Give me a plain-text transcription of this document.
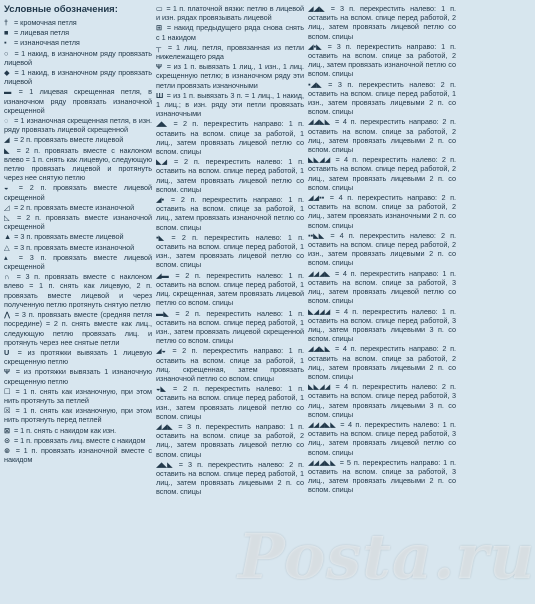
Условные обозначения:

† = кромочная петля

■ = лицевая петля

▪ = изнаночная петля

○ = 1 накид, в изнаночном ряду провязать лицевой

◆ = 1 накид, в изнаночном ряду провязать лицевой

▬ = 1 лицевая скрещенная петля, в изнаночном ряду провязать изнаночной скрещенной

◌ = 1 изнаночная скрещенная петля, в изн. ряду провязать лицевой скрещенной

◢ = 2 п. провязать вместе лицевой

◣ = 2 п. провязать вместе с наклоном влево = 1 п. снять как лицевую, следующую петлю провязать лицевой и протянуть через нее снятую петлю

◒ = 2 п. провязать вместе лицевой скрещенной

◿ = 2 п. провязать вместе изнаночной

◺ = 2 п. провязать вместе изнаночной скрещенной

▲ = 3 п. провязать вместе лицевой

△ = 3 п. провязать вместе изнаночной

▴ = 3 п. провязать вместе лицевой скрещенной

∩ = 3 п. провязать вместе с наклоном влево = 1 п. снять как лицевую, 2 п. провязать вместе лицевой и через полученную петлю протянуть снятую петлю

⋀ = 3 п. провязать вместе (средняя петля посредине) = 2 п. снять вместе как лиц., следующую петлю провязать лиц. и протянуть через нее снятые петли

U = из протяжки вывязать 1 лицевую скрещенную петлю

Ψ = из протяжки вывязать 1 изнаночную скрещенную петлю

☐ = 1 п. снять как изнаночную, при этом нить протянуть за петлей

☒ = 1 п. снять как изнаночную, при этом нить протянуть перед петлей

⊠ = 1 п. снять с накидом как изн.

⊙ = 1 п. провязать лиц. вместе с накидом

⊚ = 1 п. провязать изнаночной вместе с накидом

▭ = 1 п. платочной вязки: петлю в лицевой и изн. рядах провязывать лицевой

⊞ = накид предыдущего ряда снова снять с 1 накидом

┬ = 1 лиц. петля, провязанная из петли нижележащего ряда

Ψ = из 1 п. вывязать 1 лиц., 1 изн., 1 лиц. скрещенную петлю; в изнаночном ряду эти петли провязать изнаночными

Ш = из 1 п. вывязать 3 п. = 1 лиц., 1 накид, 1 лиц.; в изн. ряду эти петли провязать изнаночными

◢◣ = 2 п. перекрестить направо: 1 п. оставить на вспом. спице за работой, 1 лиц., затем провязать лицевой петлю со вспом. спицы

◣◢ = 2 п. перекрестить налево: 1 п. оставить на вспом. спице перед работой, 1 лиц., затем провязать лицевой петлю со вспом. спицы

◢▪ = 2 п. перекрестить направо: 1 п. оставить на вспом. спице за работой, 1 лиц., затем провязать изнаночной петлю со вспом. спицы

▪◣ = 2 п. перекрестить налево: 1 п. оставить на вспом. спице перед работой, 1 изн., затем провязать лицевой петлю со вспом. спицы

◢▬ = 2 п. перекрестить налево: 1 п. оставить на вспом. спице перед работой, 1 лиц. скрещенная, затем провязать лицевой петлю со вспом. спицы

▬◣ = 2 п. перекрестить налево: 1 п. оставить на вспом. спице перед работой, 1 изн., затем провязать лицевой скрещенной петлю со вспом. спицы

◢◒ = 2 п. перекрестить направо: 1 п. оставить на вспом. спице за работой, 1 лиц. скрещенная, затем провязать изнаночной петлю со вспом. спицы

◒◣ = 2 п. перекрестить налево: 1 п. оставить на вспом. спице перед работой, 1 изн., затем провязать лицевой петлю со вспом. спицы

◢◢◣ = 3 п. перекрестить направо: 1 п. оставить на вспом. спице за работой, 2 лиц., затем провязать лицевой петлю со вспом. спицы

◢◣◣ = 3 п. перекрестить налево: 2 п. оставить на вспом. спице перед работой, 1 лиц., затем провязать лицевыми 2 п. со вспом. спицы

◢◢◣ = 3 п. перекрестить налево: 1 п. оставить на вспом. спице перед работой, 2 лиц., затем провязать лицевой петлю со вспом. спицы

◢▪◣ = 3 п. перекрестить направо: 1 п. оставить на вспом. спице за работой, 2 лиц., затем провязать изнаночной петлю со вспом. спицы

▪◢◣ = 3 п. перекрестить налево: 2 п. оставить на вспом. спице перед работой, 1 изн., затем провязать лицевыми 2 п. со вспом. спицы

◢◢◣◣ = 4 п. перекрестить направо: 2 п. оставить на вспом. спице за работой, 2 лиц., затем провязать лицевыми 2 п. со вспом. спицы

◣◣◢◢ = 4 п. перекрестить налево: 2 п. оставить на вспом. спице перед работой, 2 лиц., затем провязать лицевыми 2 п. со вспом. спицы

◢◢▪▪ = 4 п. перекрестить направо: 2 п. оставить на вспом. спице за работой, 2 лиц., затем провязать изнаночными 2 п. со вспом. спицы

▪▪◣◣ = 4 п. перекрестить налево: 2 п. оставить на вспом. спице перед работой, 2 изн., затем провязать лицевыми 2 п. со вспом. спицы

◢◢◢◣ = 4 п. перекрестить направо: 1 п. оставить на вспом. спице за работой, 3 лиц., затем провязать лицевой петлю со вспом. спицы

◣◢◢◢ = 4 п. перекрестить налево: 1 п. оставить на вспом. спице перед работой, 3 лиц., затем провязать лицевыми 3 п. со вспом. спицы

◢◢◣◣ = 4 п. перекрестить направо: 2 п. оставить на вспом. спице за работой, 2 лиц., затем провязать лицевыми 2 п. со вспом. спицы

◣◣◢◢ = 4 п. перекрестить налево: 2 п. оставить на вспом. спице перед работой, 3 лиц., затем провязать лицевыми 3 п. со вспом. спицы

◢◢◢◣◣ = 4 п. перекрестить налево: 1 п. оставить на вспом. спице перед работой, 3 лиц., затем провязать лицевой петлю со вспом. спицы

◢◢◢◣◣ = 5 п. перекрестить направо: 1 п. оставить на вспом. спице за работой, 3 лиц., затем провязать лицевыми 2 п. со вспом. спицы

Posta.ru
